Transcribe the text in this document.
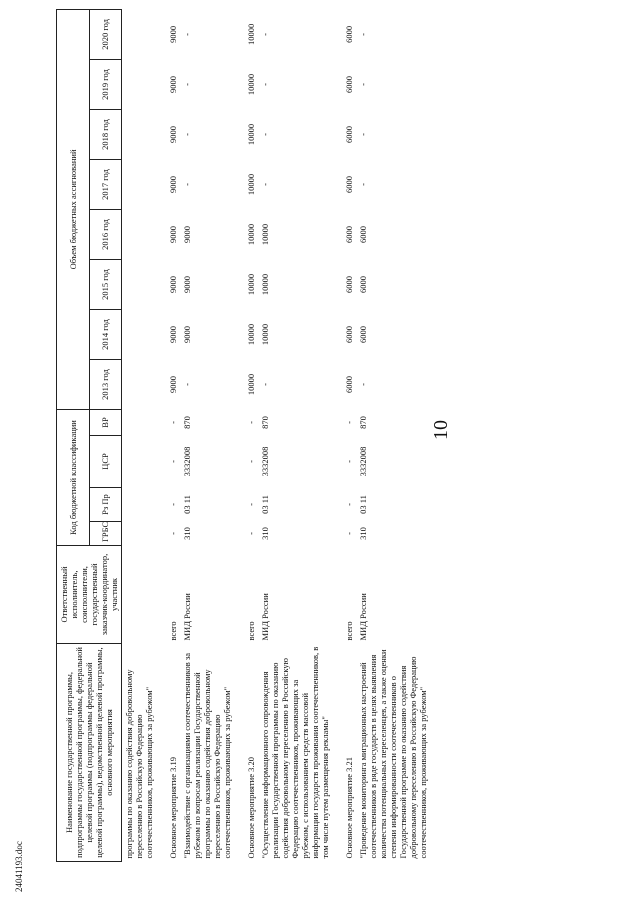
10
24041193.doc
Наименование государственной программы, подпрограммы государственной программы, федеральной целевой программы (подпрограммы федеральной целевой программы), ведомственной целевой программы, основного мероприятия	Ответственный исполнитель, соисполнители, государственный заказчик-координатор, участник	Код бюджетной классификации				Объем бюджетных ассигнований							
		ГРБС	Рз Пр	ЦСР	ВР	2013 год	2014 год	2015 год	2016 год	2017 год	2018 год	2019 год	2020 год
программы по оказанию содействия добровольному переселению в Российскую Федерацию соотечественников, проживающих за рубежом"													

Основное мероприятие 3.19	всего	-	-	-	-	9000	9000	9000	9000	9000	9000	9000	9000
"Взаимодействие с организациями соотечественников за рубежом по вопросам реализации Государственной программы по оказанию содействия добровольному переселению в Российскую Федерацию соотечественников, проживающих за рубежом"	МИД России	310	03 11	3332008	870	-	9000	9000	9000	-	-	-	-

Основное мероприятие 3.20	всего	-	-	-	-	10000	10000	10000	10000	10000	10000	10000	10000
"Осуществление информационного сопровождения реализации Государственной программы по оказанию содействия добровольному переселению в Российскую Федерацию соотечественников, проживающих за рубежом, с использованием средств массовой информации государств проживания соотечественников, в том числе путем размещения рекламы"	МИД России	310	03 11	3332008	870	-	10000	10000	10000	-	-	-	-

Основное мероприятие 3.21	всего	-	-	-	-	6000	6000	6000	6000	6000	6000	6000	6000
"Проведение мониторинга миграционных настроений соотечественников в ряде государств в целях выявления количества потенциальных переселенцев, а также оценки степени информированности соотечественников о Государственной программе по оказанию содействия добровольному переселению в Российскую Федерацию соотечественников, проживающих за рубежом"	МИД России	310	03 11	3332008	870	-	6000	6000	6000	-	-	-	-
